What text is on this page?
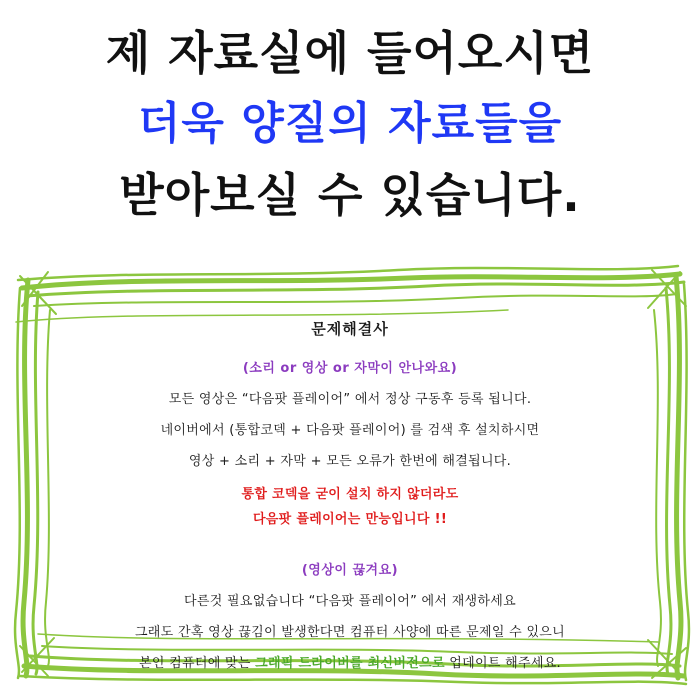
제 자료실에 들어오시면
더욱 양질의 자료들을
받아보실 수 있습니다.
문제해결사
(소리 or 영상 or 자막이 안나와요)
모든 영상은 “다음팟 플레이어” 에서 정상 구동후 등록 됩니다.
네이버에서 (통합코덱 + 다음팟 플레이어) 를 검색 후 설치하시면
영상 + 소리 + 자막 + 모든 오류가 한번에 해결됩니다.
통합 코덱을 굳이 설치 하지 않더라도
다음팟 플레이어는 만능입니다 !!
(영상이 끊겨요)
다른것 필요없습니다 “다음팟 플레이어” 에서 재생하세요
그래도 간혹 영상 끊김이 발생한다면 컴퓨터 사양에 따른 문제일 수 있으니
본인 컴퓨터에 맞는 그래픽 드라이버를 최신버전으로 업데이트 해주세요.
